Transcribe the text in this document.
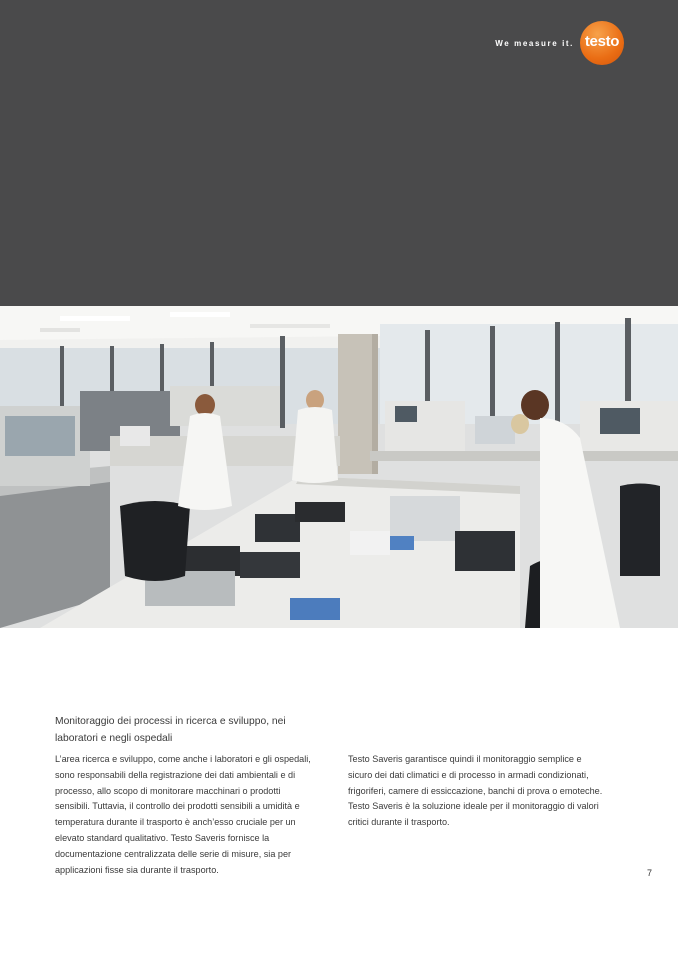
We measure it. testo
Monitoraggio dei processi in ricerca e sviluppo, nei
laboratori e negli ospedali

L’area ricerca e sviluppo, come anche i laboratori e gli ospedali,

sono responsabili della registrazione dei dati ambientali e di

processo, allo scopo di monitorare macchinari o prodotti

sensibili. Tuttavia, il controllo dei prodotti sensibili a umidità e

temperatura durante il trasporto è anch’esso cruciale per un

elevato standard qualitativo. Testo Saveris fornisce la

documentazione centralizzata delle serie di misure, sia per

applicazioni fisse sia durante il trasporto.

Testo Saveris garantisce quindi il monitoraggio semplice e

sicuro dei dati climatici e di processo in armadi condizionati,

frigoriferi, camere di essiccazione, banchi di prova o emoteche.

Testo Saveris è la soluzione ideale per il monitoraggio di valori

critici durante il trasporto.

7
